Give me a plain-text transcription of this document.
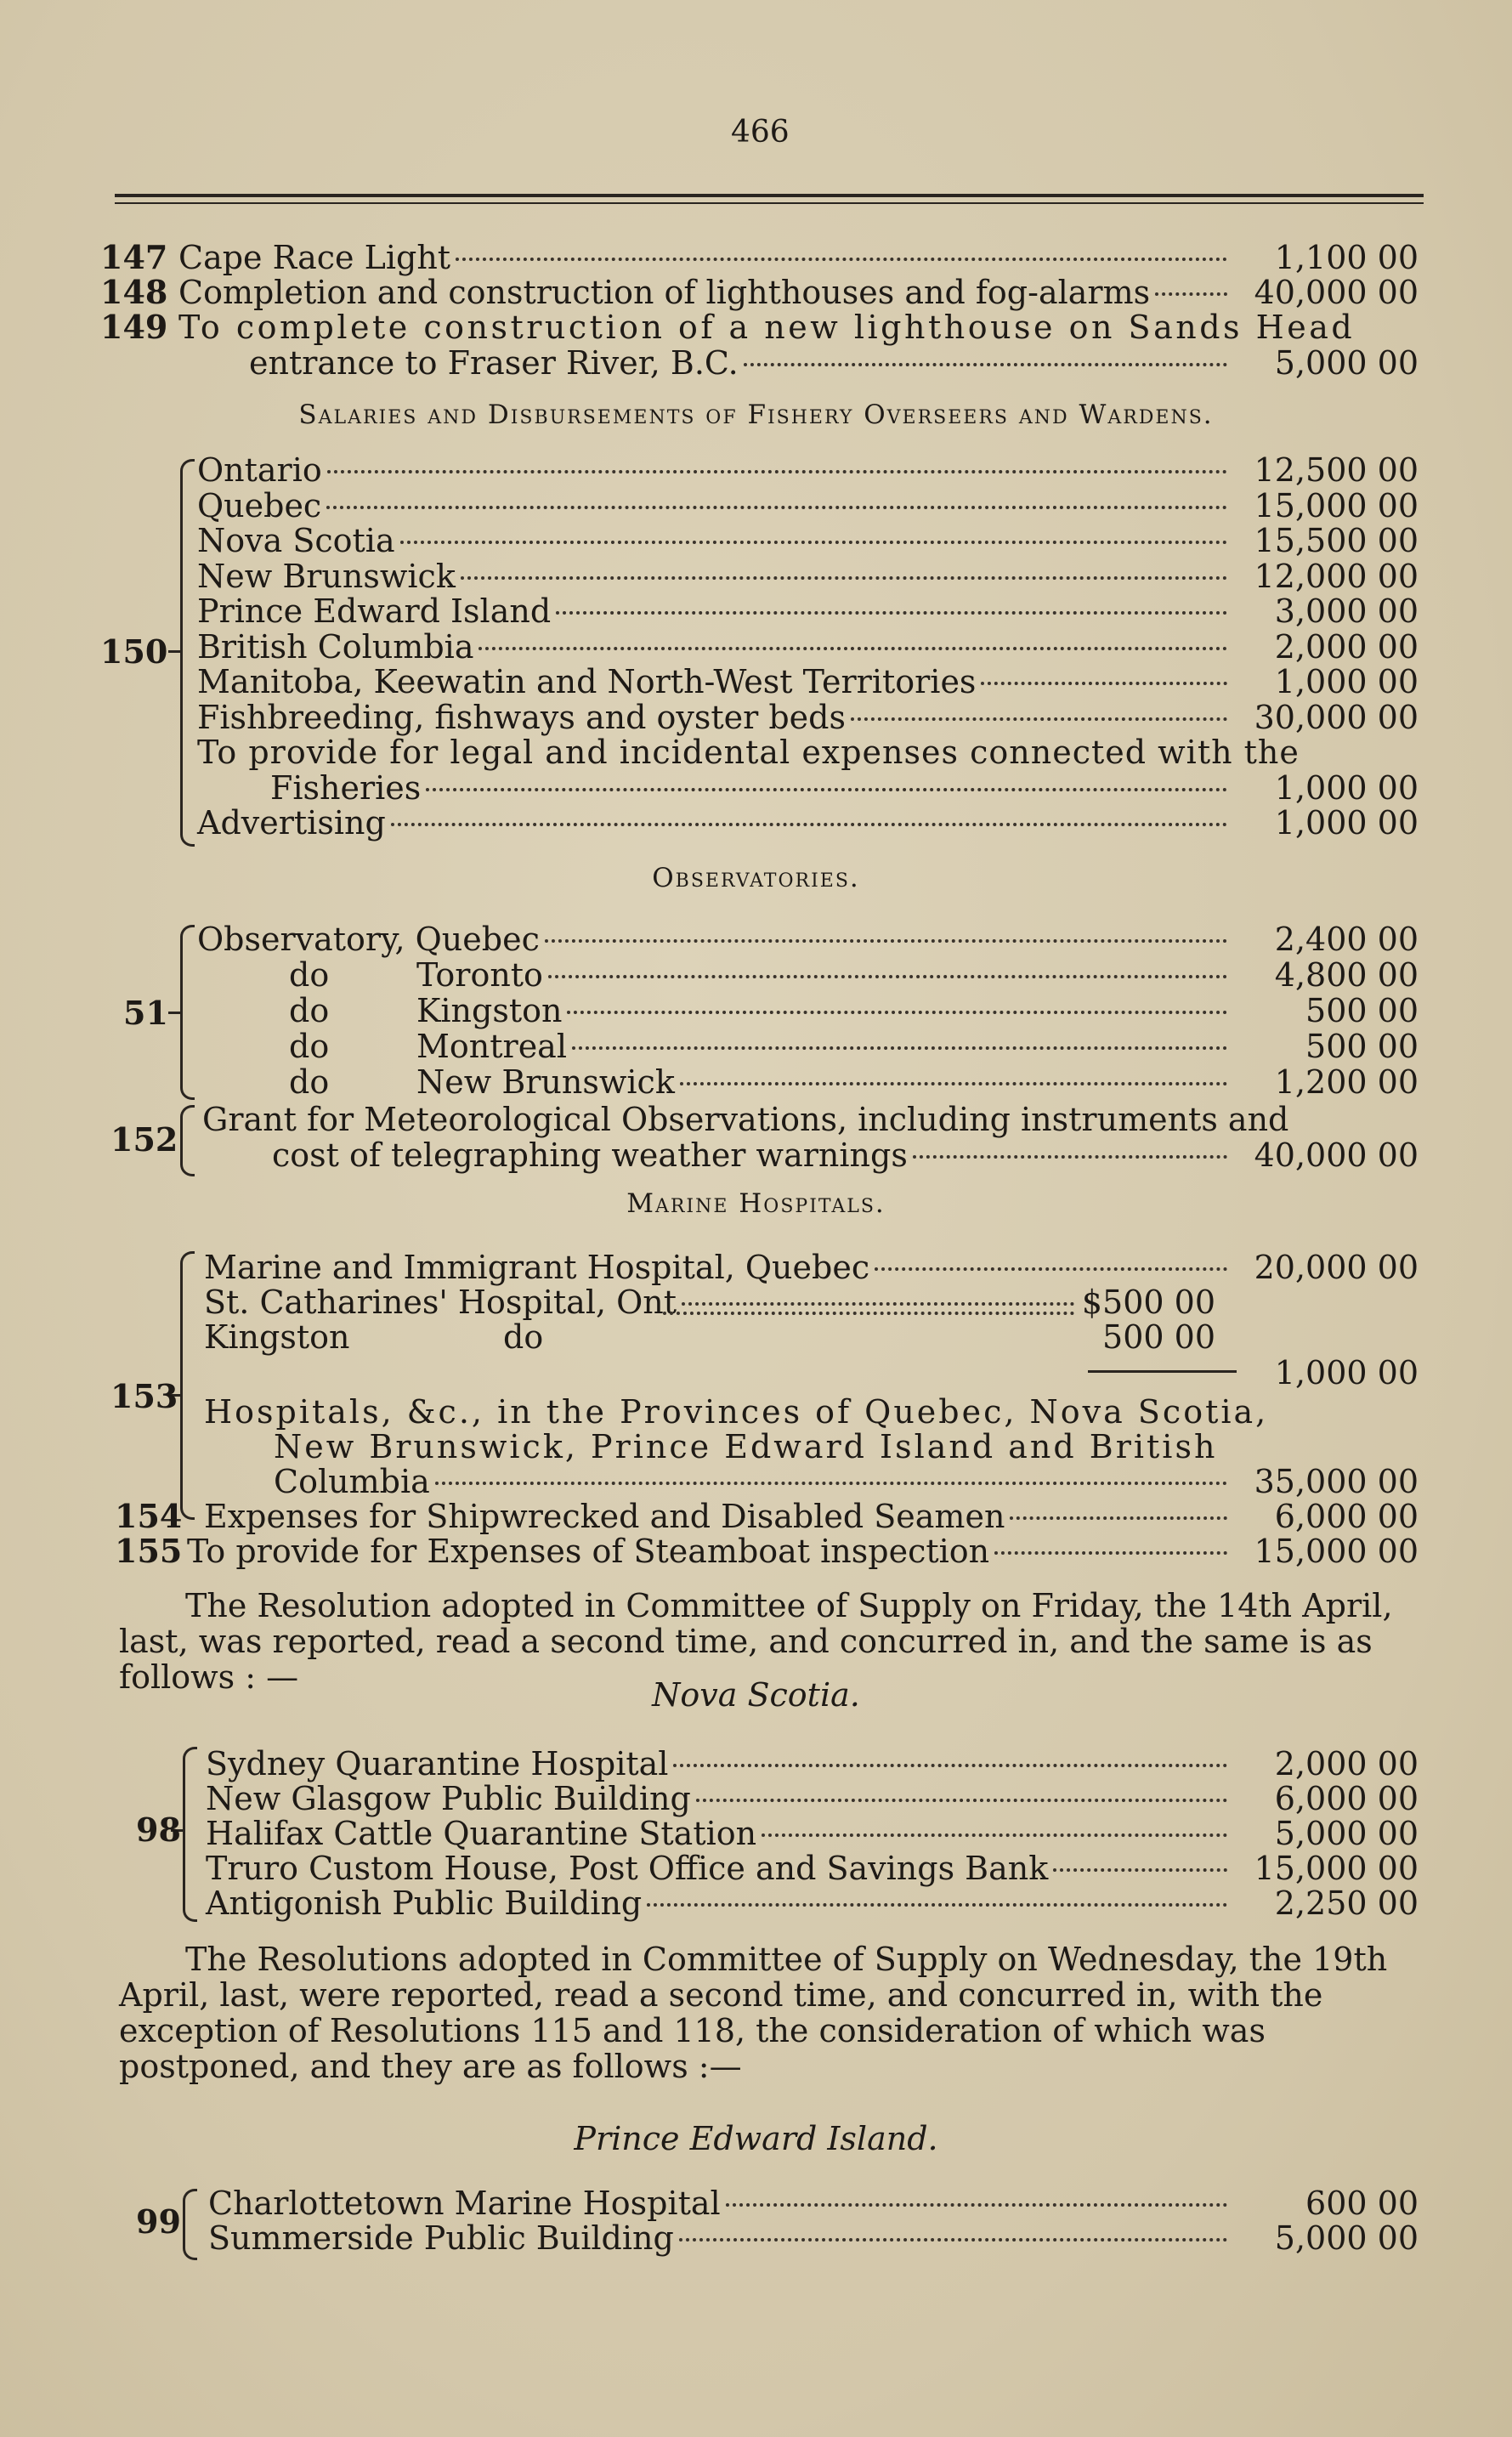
466
147 Cape Race Light	1,100 00
148 Completion and construction of lighthouses and fog-alarms	40,000 00
149 To complete construction of a new lighthouse on Sands Head
entrance to Fraser River, B.C.	5,000 00
Salaries and Disbursements of Fishery Overseers and Wardens.
150
Ontario	12,500 00
Quebec	15,000 00
Nova Scotia	15,500 00
New Brunswick	12,000 00
Prince Edward Island	3,000 00
British Columbia	2,000 00
Manitoba, Keewatin and North-West Territories	1,000 00
Fishbreeding, fishways and oyster beds	30,000 00
To provide for legal and incidental expenses connected with the
Fisheries	1,000 00
Advertising	1,000 00
Observatories.
51
Observatory, Quebec	2,400 00
do	Toronto	4,800 00
do	Kingston	500 00
do	Montreal	500 00
do	New Brunswick	1,200 00
152
Grant for Meteorological Observations, including instruments and
cost of telegraphing weather warnings	40,000 00
Marine Hospitals.
153
Marine and Immigrant Hospital, Quebec	20,000 00
St. Catharines' Hospital, Ont	$500 00
Kingston	do	500 00
1,000 00
Hospitals, &c., in the Provinces of Quebec, Nova Scotia,
New Brunswick, Prince Edward Island and British
Columbia	35,000 00
154 Expenses for Shipwrecked and Disabled Seamen	6,000 00
155 To provide for Expenses of Steamboat inspection	15,000 00
The Resolution adopted in Committee of Supply on Friday, the 14th April, last, was reported, read a second time, and concurred in, and the same is as follows : —	Nova Scotia.
98
Sydney Quarantine Hospital	2,000 00
New Glasgow Public Building	6,000 00
Halifax Cattle Quarantine Station	5,000 00
Truro Custom House, Post Office and Savings Bank	15,000 00
Antigonish Public Building	2,250 00
The Resolutions adopted in Committee of Supply on Wednesday, the 19th April, last, were reported, read a second time, and concurred in, with the exception of Resolutions 115 and 118, the consideration of which was postponed, and they are as follows :—
Prince Edward Island.
99 Charlottetown Marine Hospital	600 00
Summerside Public Building	5,000 00
